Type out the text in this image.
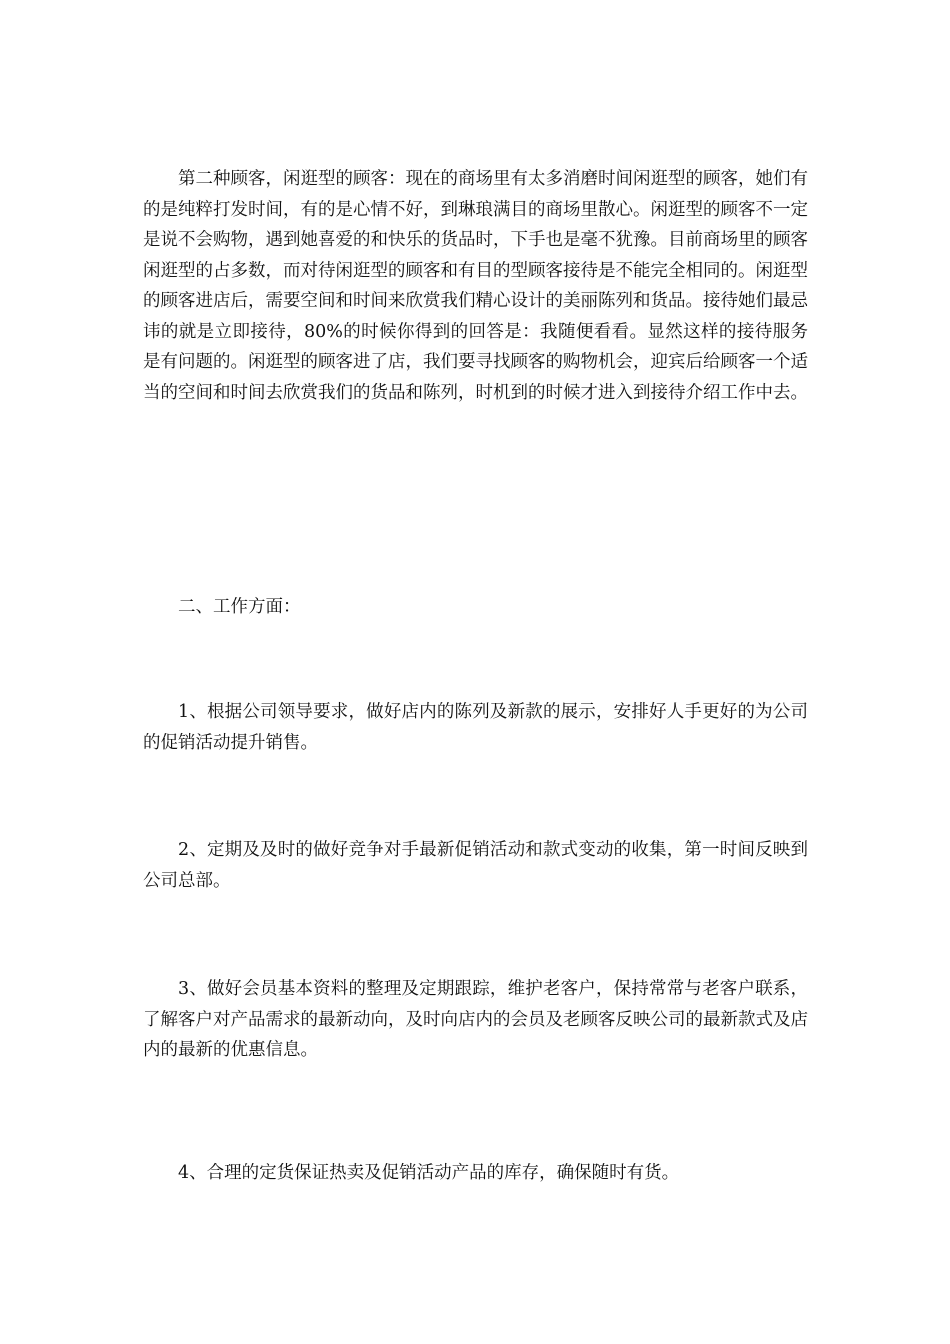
第二种顾客，闲逛型的顾客：现在的商场里有太多消磨时间闲逛型的顾客，她们有的是纯粹打发时间，有的是心情不好，到琳琅满目的商场里散心。闲逛型的顾客不一定是说不会购物，遇到她喜爱的和快乐的货品时，下手也是毫不犹豫。目前商场里的顾客闲逛型的占多数，而对待闲逛型的顾客和有目的型顾客接待是不能完全相同的。闲逛型的顾客进店后，需要空间和时间来欣赏我们精心设计的美丽陈列和货品。接待她们最忌讳的就是立即接待，80%的时候你得到的回答是：我随便看看。显然这样的接待服务是有问题的。闲逛型的顾客进了店，我们要寻找顾客的购物机会，迎宾后给顾客一个适当的空间和时间去欣赏我们的货品和陈列，时机到的时候才进入到接待介绍工作中去。

二、工作方面：

1、根据公司领导要求，做好店内的陈列及新款的展示，安排好人手更好的为公司的促销活动提升销售。

2、定期及及时的做好竞争对手最新促销活动和款式变动的收集，第一时间反映到公司总部。

3、做好会员基本资料的整理及定期跟踪，维护老客户，保持常常与老客户联系，了解客户对产品需求的最新动向，及时向店内的会员及老顾客反映公司的最新款式及店内的最新的优惠信息。

4、合理的定货保证热卖及促销活动产品的库存，确保随时有货。
